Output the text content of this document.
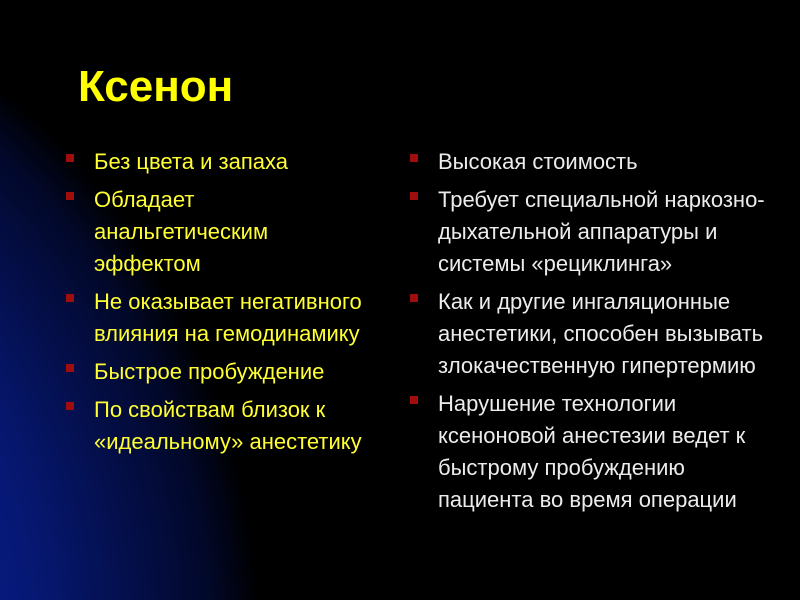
Ксенон
Без цвета и запаха
Обладает анальгетическим эффектом
Не оказывает негативного влияния на гемодинамику
Быстрое пробуждение
По свойствам близок к «идеальному» анестетику
Высокая стоимость
Требует специальной наркозно-дыхательной аппаратуры и системы «рециклинга»
Как и другие ингаляционные анестетики, способен вызывать злокачественную гипертермию
Нарушение технологии ксеноновой анестезии ведет к быстрому пробуждению пациента во время операции
